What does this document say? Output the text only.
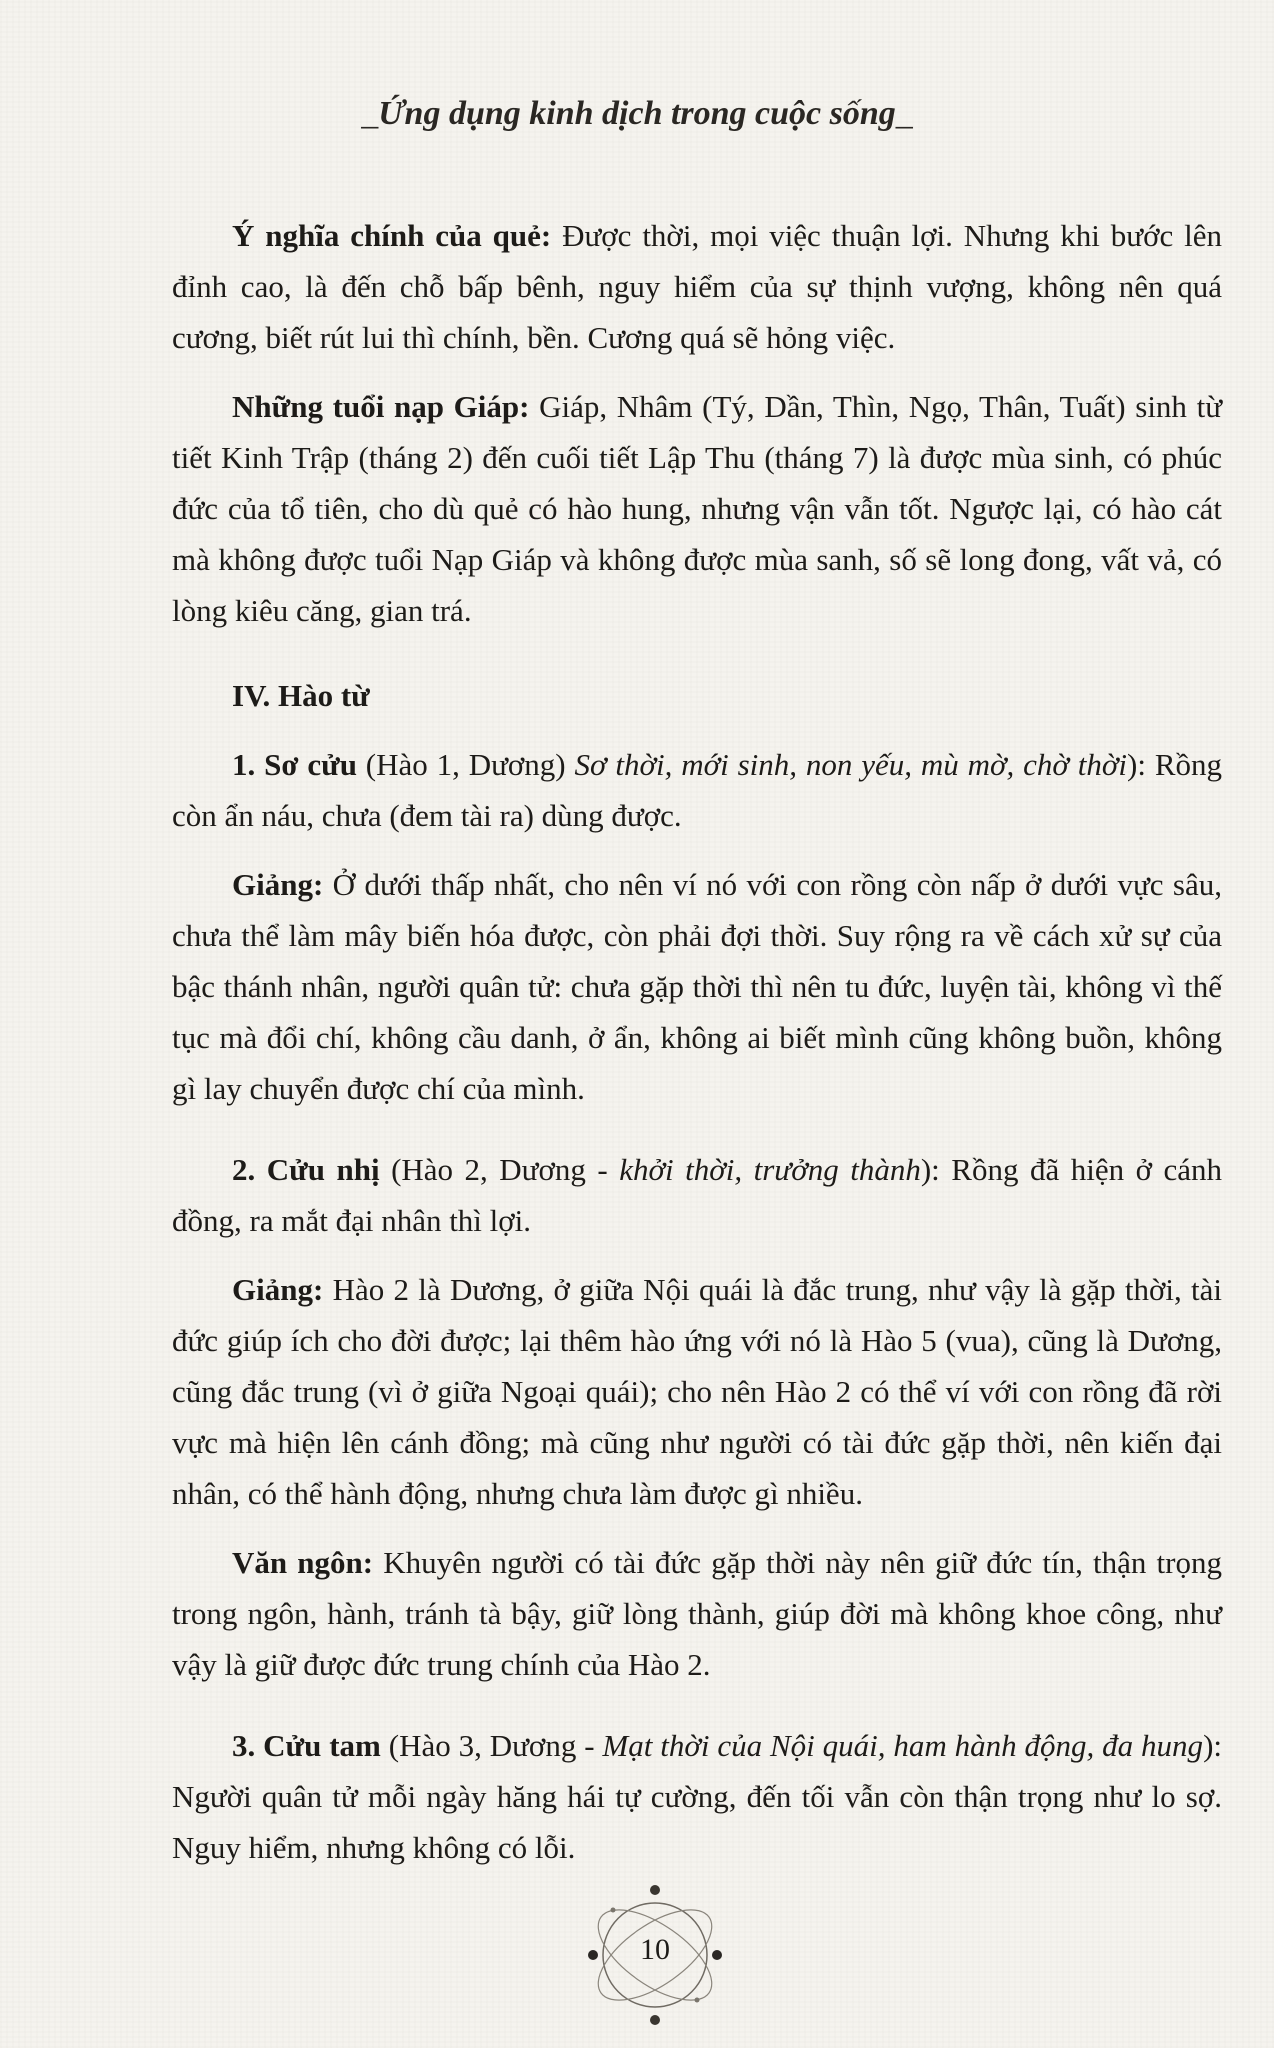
_Ứng dụng kinh dịch trong cuộc sống_

Ý nghĩa chính của quẻ: Được thời, mọi việc thuận lợi. Nhưng khi bước lên đỉnh cao, là đến chỗ bấp bênh, nguy hiểm của sự thịnh vượng, không nên quá cương, biết rút lui thì chính, bền. Cương quá sẽ hỏng việc.

Những tuổi nạp Giáp: Giáp, Nhâm (Tý, Dần, Thìn, Ngọ, Thân, Tuất) sinh từ tiết Kinh Trập (tháng 2) đến cuối tiết Lập Thu (tháng 7) là được mùa sinh, có phúc đức của tổ tiên, cho dù quẻ có hào hung, nhưng vận vẫn tốt. Ngược lại, có hào cát mà không được tuổi Nạp Giáp và không được mùa sanh, số sẽ long đong, vất vả, có lòng kiêu căng, gian trá.

IV. Hào từ

1. Sơ cửu (Hào 1, Dương) Sơ thời, mới sinh, non yếu, mù mờ, chờ thời): Rồng còn ẩn náu, chưa (đem tài ra) dùng được.

Giảng: Ở dưới thấp nhất, cho nên ví nó với con rồng còn nấp ở dưới vực sâu, chưa thể làm mây biến hóa được, còn phải đợi thời. Suy rộng ra về cách xử sự của bậc thánh nhân, người quân tử: chưa gặp thời thì nên tu đức, luyện tài, không vì thế tục mà đổi chí, không cầu danh, ở ẩn, không ai biết mình cũng không buồn, không gì lay chuyển được chí của mình.

2. Cửu nhị (Hào 2, Dương - khởi thời, trưởng thành): Rồng đã hiện ở cánh đồng, ra mắt đại nhân thì lợi.

Giảng: Hào 2 là Dương, ở giữa Nội quái là đắc trung, như vậy là gặp thời, tài đức giúp ích cho đời được; lại thêm hào ứng với nó là Hào 5 (vua), cũng là Dương, cũng đắc trung (vì ở giữa Ngoại quái); cho nên Hào 2 có thể ví với con rồng đã rời vực mà hiện lên cánh đồng; mà cũng như người có tài đức gặp thời, nên kiến đại nhân, có thể hành động, nhưng chưa làm được gì nhiều.

Văn ngôn: Khuyên người có tài đức gặp thời này nên giữ đức tín, thận trọng trong ngôn, hành, tránh tà bậy, giữ lòng thành, giúp đời mà không khoe công, như vậy là giữ được đức trung chính của Hào 2.

3. Cửu tam (Hào 3, Dương - Mạt thời của Nội quái, ham hành động, đa hung): Người quân tử mỗi ngày hăng hái tự cường, đến tối vẫn còn thận trọng như lo sợ. Nguy hiểm, nhưng không có lỗi.

10
